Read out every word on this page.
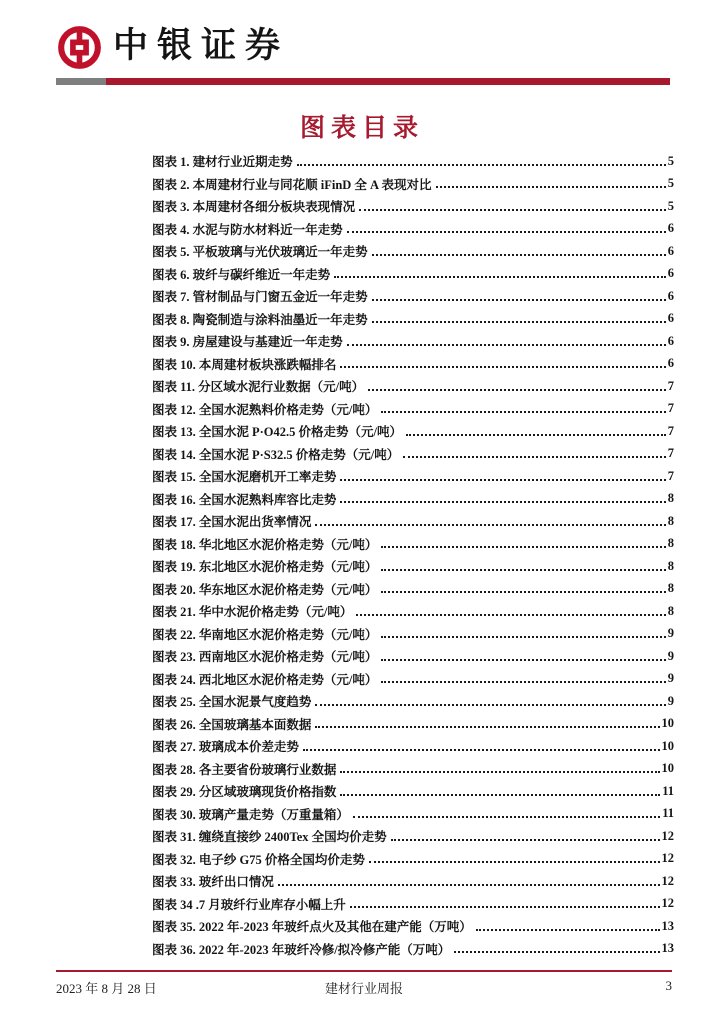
中银证券
图表目录
图表 1. 建材行业近期走势	5
图表 2. 本周建材行业与同花顺 iFinD 全 A 表现对比	5
图表 3. 本周建材各细分板块表现情况	5
图表 4. 水泥与防水材料近一年走势	6
图表 5. 平板玻璃与光伏玻璃近一年走势	6
图表 6. 玻纤与碳纤维近一年走势	6
图表 7. 管材制品与门窗五金近一年走势	6
图表 8. 陶瓷制造与涂料油墨近一年走势	6
图表 9. 房屋建设与基建近一年走势	6
图表 10. 本周建材板块涨跌幅排名	6
图表 11. 分区域水泥行业数据（元/吨）	7
图表 12. 全国水泥熟料价格走势（元/吨）	7
图表 13. 全国水泥 P·O42.5 价格走势（元/吨）	7
图表 14. 全国水泥 P·S32.5 价格走势（元/吨）	7
图表 15. 全国水泥磨机开工率走势	7
图表 16. 全国水泥熟料库容比走势	8
图表 17. 全国水泥出货率情况	8
图表 18. 华北地区水泥价格走势（元/吨）	8
图表 19. 东北地区水泥价格走势（元/吨）	8
图表 20. 华东地区水泥价格走势（元/吨）	8
图表 21. 华中水泥价格走势（元/吨）	8
图表 22. 华南地区水泥价格走势（元/吨）	9
图表 23. 西南地区水泥价格走势（元/吨）	9
图表 24. 西北地区水泥价格走势（元/吨）	9
图表 25. 全国水泥景气度趋势	9
图表 26. 全国玻璃基本面数据	10
图表 27. 玻璃成本价差走势	10
图表 28. 各主要省份玻璃行业数据	10
图表 29. 分区域玻璃现货价格指数	11
图表 30. 玻璃产量走势（万重量箱）	11
图表 31. 缠绕直接纱 2400Tex 全国均价走势	12
图表 32. 电子纱 G75 价格全国均价走势	12
图表 33. 玻纤出口情况	12
图表 34 .7 月玻纤行业库存小幅上升	12
图表 35. 2022 年-2023 年玻纤点火及其他在建产能（万吨）	13
图表 36. 2022 年-2023 年玻纤冷修/拟冷修产能（万吨）	13
2023 年 8 月 28 日	建材行业周报	3
